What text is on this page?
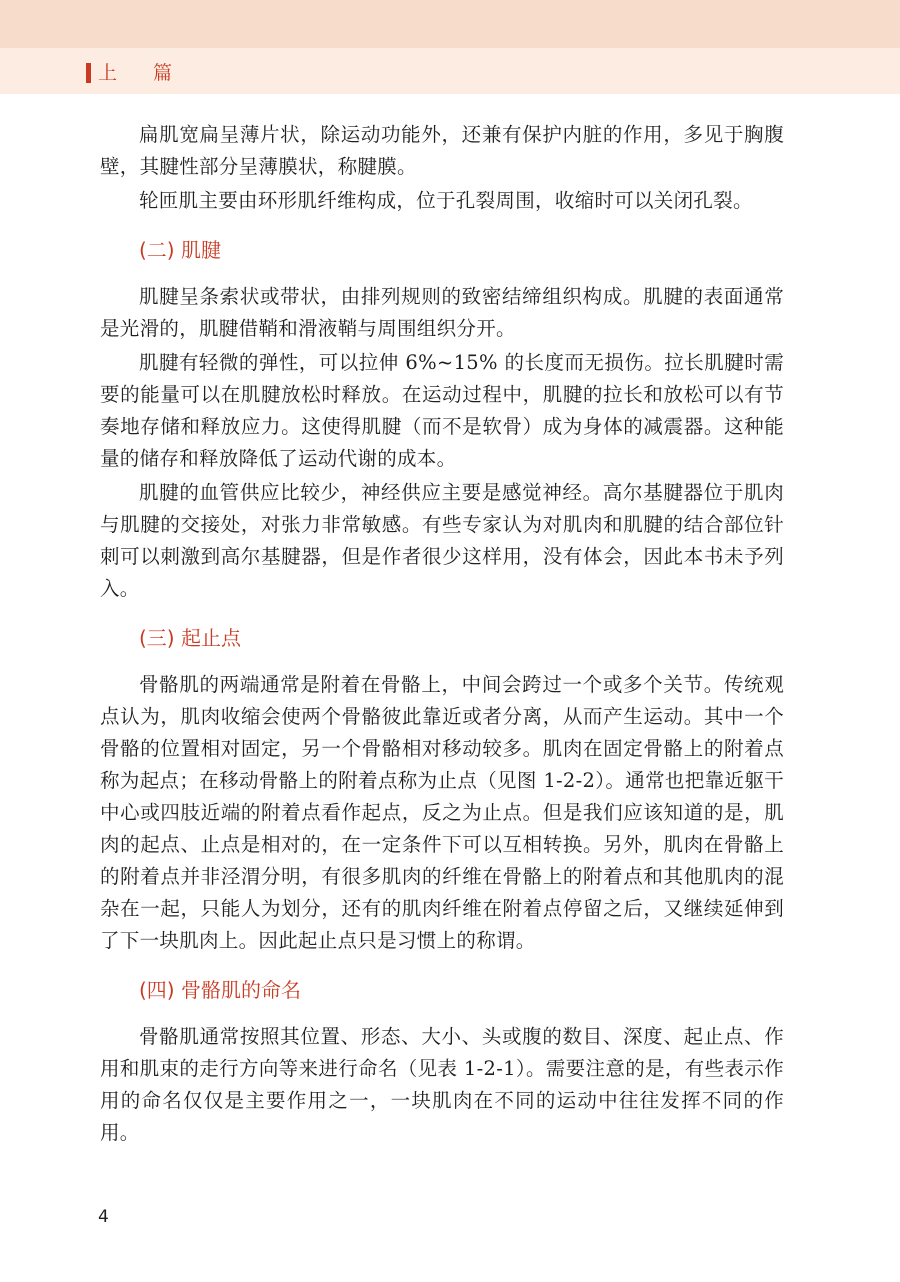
上篇

扁肌宽扁呈薄片状，除运动功能外，还兼有保护内脏的作用，多见于胸腹壁，其腱性部分呈薄膜状，称腱膜。

轮匝肌主要由环形肌纤维构成，位于孔裂周围，收缩时可以关闭孔裂。

(二) 肌腱

肌腱呈条索状或带状，由排列规则的致密结缔组织构成。肌腱的表面通常是光滑的，肌腱借鞘和滑液鞘与周围组织分开。

肌腱有轻微的弹性，可以拉伸 6%~15% 的长度而无损伤。拉长肌腱时需要的能量可以在肌腱放松时释放。在运动过程中，肌腱的拉长和放松可以有节奏地存储和释放应力。这使得肌腱（而不是软骨）成为身体的减震器。这种能量的储存和释放降低了运动代谢的成本。

肌腱的血管供应比较少，神经供应主要是感觉神经。高尔基腱器位于肌肉与肌腱的交接处，对张力非常敏感。有些专家认为对肌肉和肌腱的结合部位针刺可以刺激到高尔基腱器，但是作者很少这样用，没有体会，因此本书未予列入。

(三) 起止点

骨骼肌的两端通常是附着在骨骼上，中间会跨过一个或多个关节。传统观点认为，肌肉收缩会使两个骨骼彼此靠近或者分离，从而产生运动。其中一个骨骼的位置相对固定，另一个骨骼相对移动较多。肌肉在固定骨骼上的附着点称为起点；在移动骨骼上的附着点称为止点（见图 1-2-2）。通常也把靠近躯干中心或四肢近端的附着点看作起点，反之为止点。但是我们应该知道的是，肌肉的起点、止点是相对的，在一定条件下可以互相转换。另外，肌肉在骨骼上的附着点并非泾渭分明，有很多肌肉的纤维在骨骼上的附着点和其他肌肉的混杂在一起，只能人为划分，还有的肌肉纤维在附着点停留之后，又继续延伸到了下一块肌肉上。因此起止点只是习惯上的称谓。

(四) 骨骼肌的命名

骨骼肌通常按照其位置、形态、大小、头或腹的数目、深度、起止点、作用和肌束的走行方向等来进行命名（见表 1-2-1）。需要注意的是，有些表示作用的命名仅仅是主要作用之一，一块肌肉在不同的运动中往往发挥不同的作用。

4
